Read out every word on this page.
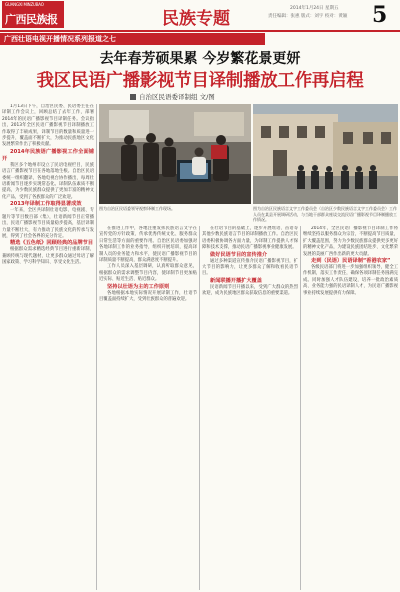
GUANGXI MINZUBAO
广西民族报	民族专题
2014年1月24日 星期五
责任编辑：张惠 版式：刘宇 校对：黄颖 5
广西壮语电视开播情况系列报道之七
去年春芳硕果累 今岁繁花景更妍
我区民语广播影视节目译制播放工作再启程
自治区民语委译制组 文/图

1月13日下午，自治区民委、民语委主任在译制工作会议上，回顾总结了去年工作，部署2014年的民语广播影视节目译制任务。会议指出，2013年全区民语广播影视节目译制播放工作取得了丰硕成果，译制节目的数量和质量进一步提升，覆盖面不断扩大，为推动民族地区文化发展繁荣作出了积极贡献。

2014年民族语广播影视工作全面铺开

我区多个地州市设立了民语电视栏目，民族语言广播影视节目在各地落地生根。自治区民语委统一组织翻译，各地电视台协作播出，每周壮语新闻节目逐步实现常态化。译制队伍素质不断提高，为少数民族群众提供了更加丰富的精神文化产品，受到了各族群众的广泛欢迎。

2013年译制工作取得显著成效

一年来，全区共译制壮语电影、电视剧、专题片等节目数百部（集），壮语新闻节目正常播出，民语广播影视节目质量稳步提高，基层译制力量不断壮大，有力推动了民族文化的传承与发展，得到了社会各界的充分肯定。

精选《五色纸》回顾经典的品牌节目

根据群众需求精选经典节目进行重新译制，兼顾传统与现代题材，让更多群众通过母语了解国家政策、学习科学知识、享受文化生活。

图为自治区民语委领导视察译制工作现场。	图为自治区民族语言文字工作委员会（自治区少数民族语言文字工作委员会）工作人员在某县开展调研活动，与当地干部群众座谈交流民语广播影视节目译制播放工作情况。

在推进工作中，各地注重发挥民族语言文字在宣传党的方针政策、传承优秀传统文化、服务群众日常生活等方面的重要作用。自治区民语委加强对各地译制工作的业务指导，组织开展培训，提高译制人员的业务能力和水平，使民语广播影视节目的译制质量不断提高，群众满意度不断提升。

工作人员深入基层调研，认真听取群众意见，根据群众的需求调整节目内容，使译制节目更加贴近实际、贴近生活、贴近群众。

坚持以壮语为主的工作原则

各地根据本地实际情况开展译制工作，壮语节目覆盖面持续扩大，受到壮族群众的普遍欢迎。

在壮语节目的基础上，逐步开展瑶语、苗语等其他少数民族语言节目的译制播放工作。自治区民语委积极协调各方面力量，为译制工作提供人才保障和技术支撑，推动民语广播影视事业健康发展。

做好民语节目的宣传推介

通过多种渠道宣传推介民语广播影视节目，扩大节目的影响力，让更多群众了解和收看民语节目。

新闻联播开播扩大覆盖

民语新闻节目开播以来，受到广大群众的热烈欢迎，成为民族地区群众获取信息的重要渠道。

2014年，全区民语广播影视节目译制工作将继续坚持以服务群众为宗旨，不断提高节目质量，扩大覆盖范围，努力为少数民族群众提供更多更好的精神文化产品，为建设民族团结进步、文化繁荣发展的美丽广西作出新的更大贡献。

走到（民语）民语译制“香港农家”

各级民语部门将进一步加强组织领导，健全工作机制，落实工作责任，确保各项译制任务圆满完成。同时加强人才队伍建设，培养一批政治素质高、业务能力强的民语译制人才，为民语广播影视事业持续发展提供有力保障。
